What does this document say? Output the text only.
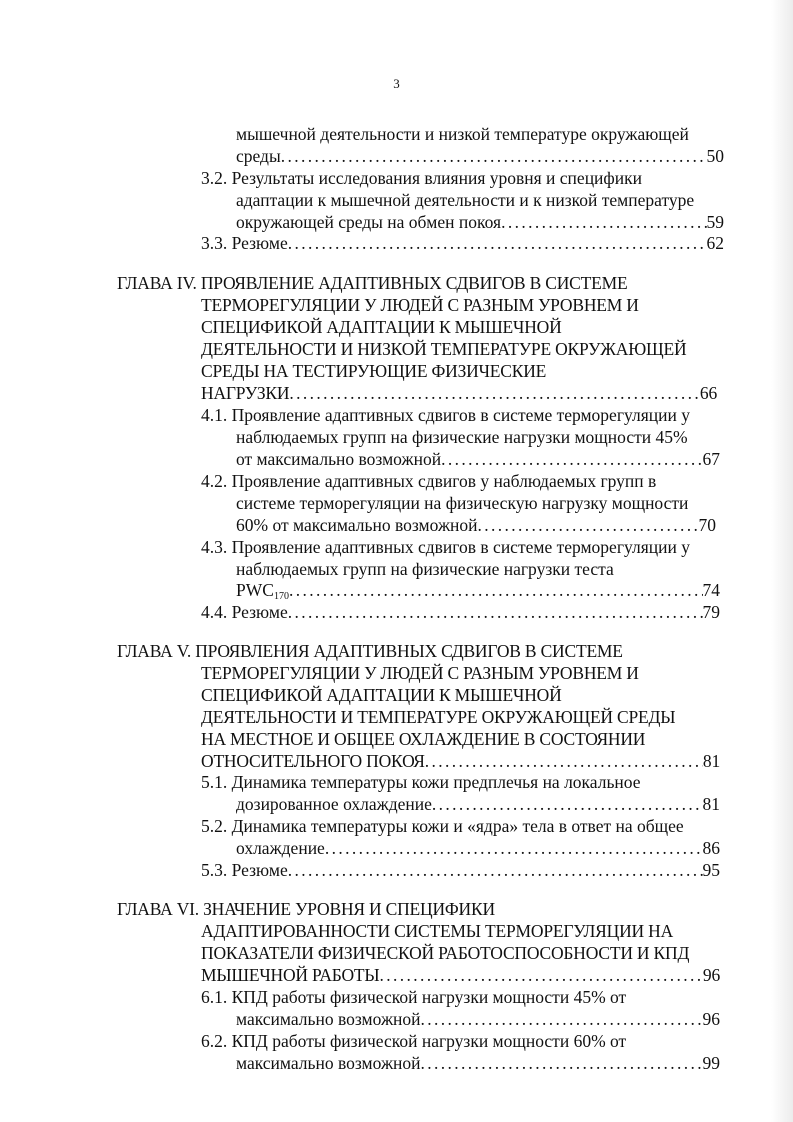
3
мышечной деятельности и низкой температуре окружающей
среды . . .	50
3.2. Результаты исследования влияния уровня и специфики
адаптации к мышечной деятельности и к низкой температуре
окружающей среды на обмен покоя . . .	59
3.3. Резюме . . .	62
ГЛАВА IV. ПРОЯВЛЕНИЕ АДАПТИВНЫХ СДВИГОВ В СИСТЕМЕ
ТЕРМОРЕГУЛЯЦИИ У ЛЮДЕЙ С РАЗНЫМ УРОВНЕМ И
СПЕЦИФИКОЙ АДАПТАЦИИ К МЫШЕЧНОЙ
ДЕЯТЕЛЬНОСТИ И НИЗКОЙ ТЕМПЕРАТУРЕ ОКРУЖАЮЩЕЙ
СРЕДЫ НА ТЕСТИРУЮЩИЕ ФИЗИЧЕСКИЕ
НАГРУЗКИ . . .	66
4.1. Проявление адаптивных сдвигов в системе терморегуляции у
наблюдаемых групп на физические нагрузки мощности 45%
от максимально возможной . . .	67
4.2. Проявление адаптивных сдвигов у наблюдаемых групп в
системе терморегуляции на физическую нагрузку мощности
60% от максимально возможной . . .	70
4.3. Проявление адаптивных сдвигов в системе терморегуляции у
наблюдаемых групп на физические нагрузки теста
$PWC_{170}$ . . .	74
4.4. Резюме . . .	79
ГЛАВА V. ПРОЯВЛЕНИЯ АДАПТИВНЫХ СДВИГОВ В СИСТЕМЕ
ТЕРМОРЕГУЛЯЦИИ У ЛЮДЕЙ С РАЗНЫМ УРОВНЕМ И
СПЕЦИФИКОЙ АДАПТАЦИИ К МЫШЕЧНОЙ
ДЕЯТЕЛЬНОСТИ И ТЕМПЕРАТУРЕ ОКРУЖАЮЩЕЙ СРЕДЫ
НА МЕСТНОЕ И ОБЩЕЕ ОХЛАЖДЕНИЕ В СОСТОЯНИИ
ОТНОСИТЕЛЬНОГО ПОКОЯ . . .	81
5.1. Динамика температуры кожи предплечья на локальное
дозированное охлаждение . . .	81
5.2. Динамика температуры кожи и «ядра» тела в ответ на общее
охлаждение . . .	86
5.3. Резюме . . .	95
ГЛАВА VI. ЗНАЧЕНИЕ УРОВНЯ И СПЕЦИФИКИ
АДАПТИРОВАННОСТИ СИСТЕМЫ ТЕРМОРЕГУЛЯЦИИ НА
ПОКАЗАТЕЛИ ФИЗИЧЕСКОЙ РАБОТОСПОСОБНОСТИ И КПД
МЫШЕЧНОЙ РАБОТЫ . . .	96
6.1. КПД работы физической нагрузки мощности 45% от
максимально возможной . . .	96
6.2. КПД работы физической нагрузки мощности 60% от
максимально возможной . . .	99
